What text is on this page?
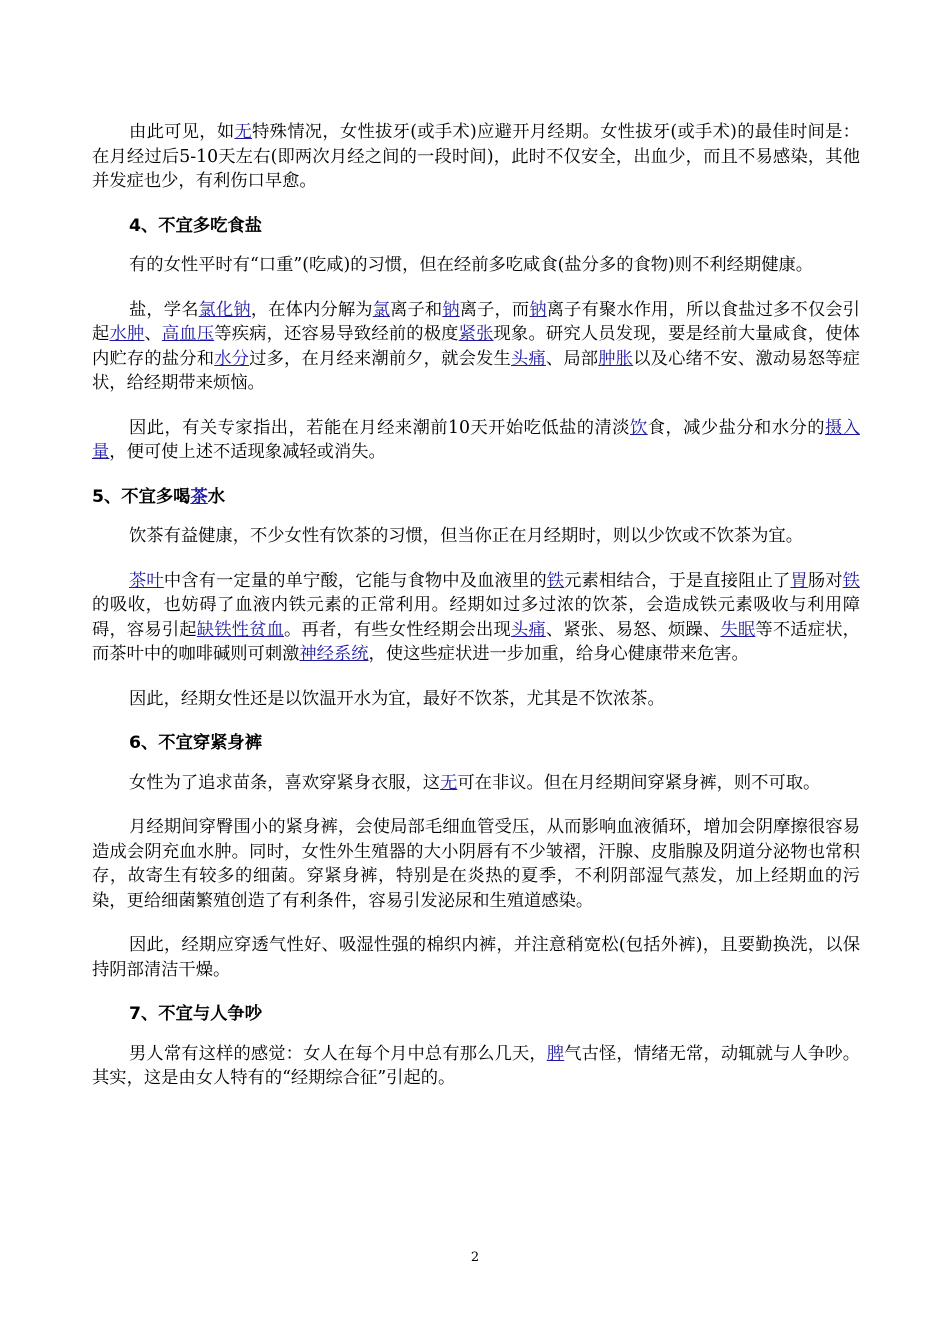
由此可见，如无特殊情况，女性拔牙(或手术)应避开月经期。女性拔牙(或手术)的最佳时间是：在月经过后5-10天左右(即两次月经之间的一段时间)，此时不仅安全，出血少，而且不易感染，其他并发症也少，有利伤口早愈。

4、不宜多吃食盐

有的女性平时有“口重”(吃咸)的习惯，但在经前多吃咸食(盐分多的食物)则不利经期健康。

盐，学名氯化钠，在体内分解为氯离子和钠离子，而钠离子有聚水作用，所以食盐过多不仅会引起水肿、高血压等疾病，还容易导致经前的极度紧张现象。研究人员发现，要是经前大量咸食，使体内贮存的盐分和水分过多，在月经来潮前夕，就会发生头痛、局部肿胀以及心绪不安、激动易怒等症状，给经期带来烦恼。

因此，有关专家指出，若能在月经来潮前10天开始吃低盐的清淡饮食，减少盐分和水分的摄入量，便可使上述不适现象减轻或消失。

5、不宜多喝茶水

饮茶有益健康，不少女性有饮茶的习惯，但当你正在月经期时，则以少饮或不饮茶为宜。

茶叶中含有一定量的单宁酸，它能与食物中及血液里的铁元素相结合，于是直接阻止了胃肠对铁的吸收，也妨碍了血液内铁元素的正常利用。经期如过多过浓的饮茶，会造成铁元素吸收与利用障碍，容易引起缺铁性贫血。再者，有些女性经期会出现头痛、紧张、易怒、烦躁、失眠等不适症状，而茶叶中的咖啡碱则可刺激神经系统，使这些症状进一步加重，给身心健康带来危害。

因此，经期女性还是以饮温开水为宜，最好不饮茶，尤其是不饮浓茶。

6、不宜穿紧身裤

女性为了追求苗条，喜欢穿紧身衣服，这无可在非议。但在月经期间穿紧身裤，则不可取。

月经期间穿臀围小的紧身裤，会使局部毛细血管受压，从而影响血液循环，增加会阴摩擦很容易造成会阴充血水肿。同时，女性外生殖器的大小阴唇有不少皱褶，汗腺、皮脂腺及阴道分泌物也常积存，故寄生有较多的细菌。穿紧身裤，特别是在炎热的夏季，不利阴部湿气蒸发，加上经期血的污染，更给细菌繁殖创造了有利条件，容易引发泌尿和生殖道感染。

因此，经期应穿透气性好、吸湿性强的棉织内裤，并注意稍宽松(包括外裤)，且要勤换洗，以保持阴部清洁干燥。

7、不宜与人争吵

男人常有这样的感觉：女人在每个月中总有那么几天，脾气古怪，情绪无常，动辄就与人争吵。其实，这是由女人特有的“经期综合征”引起的。

2
